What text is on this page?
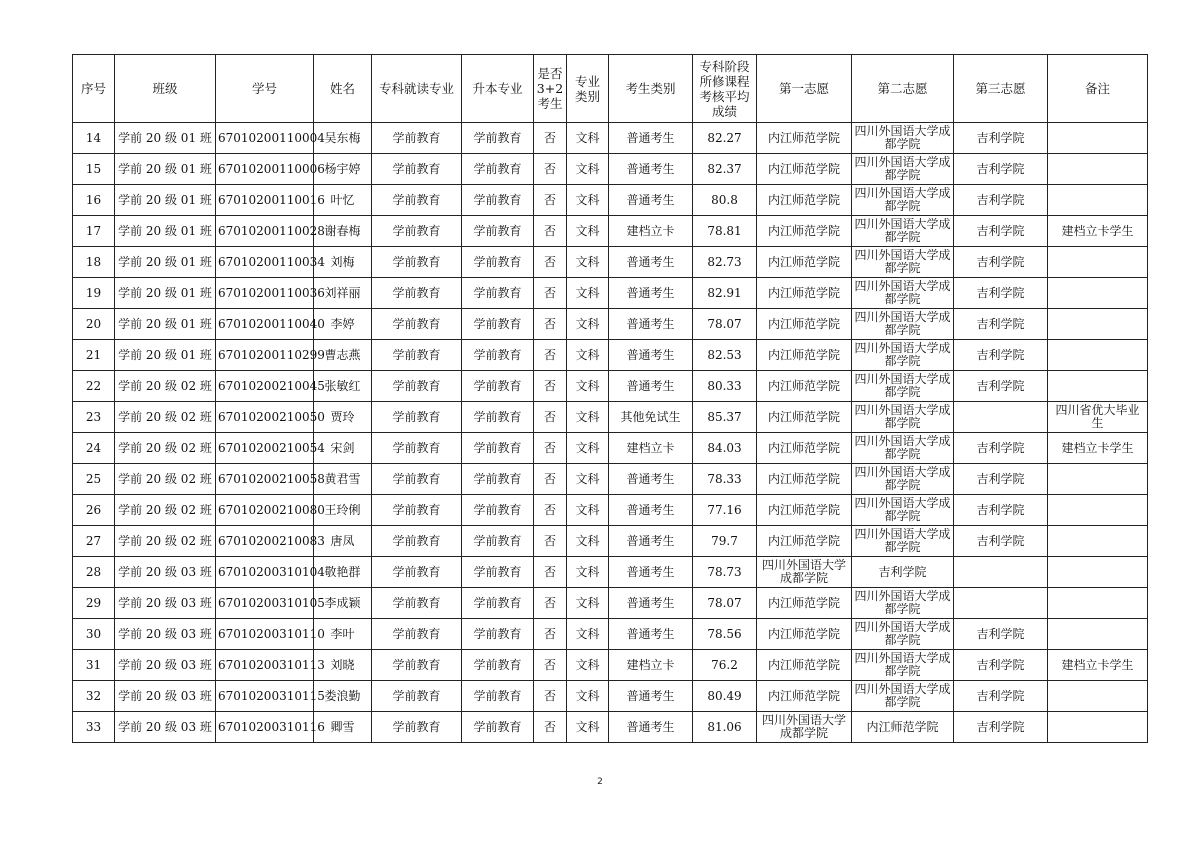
序号	班级	学号	姓名	专科就读专业	升本专业	是否3+2考生	专业类别	考生类别	专科阶段所修课程考核平均成绩	第一志愿	第二志愿	第三志愿	备注
14	学前 20 级 01 班	67010200110004	吴东梅	学前教育	学前教育	否	文科	普通考生	82.27	内江师范学院	四川外国语大学成都学院	吉利学院	
15	学前 20 级 01 班	67010200110006	杨宇婷	学前教育	学前教育	否	文科	普通考生	82.37	内江师范学院	四川外国语大学成都学院	吉利学院	
16	学前 20 级 01 班	67010200110016	叶忆	学前教育	学前教育	否	文科	普通考生	80.8	内江师范学院	四川外国语大学成都学院	吉利学院	
17	学前 20 级 01 班	67010200110028	谢春梅	学前教育	学前教育	否	文科	建档立卡	78.81	内江师范学院	四川外国语大学成都学院	吉利学院	建档立卡学生
18	学前 20 级 01 班	67010200110034	刘梅	学前教育	学前教育	否	文科	普通考生	82.73	内江师范学院	四川外国语大学成都学院	吉利学院	
19	学前 20 级 01 班	67010200110036	刘祥丽	学前教育	学前教育	否	文科	普通考生	82.91	内江师范学院	四川外国语大学成都学院	吉利学院	
20	学前 20 级 01 班	67010200110040	李婷	学前教育	学前教育	否	文科	普通考生	78.07	内江师范学院	四川外国语大学成都学院	吉利学院	
21	学前 20 级 01 班	67010200110299	曹志燕	学前教育	学前教育	否	文科	普通考生	82.53	内江师范学院	四川外国语大学成都学院	吉利学院	
22	学前 20 级 02 班	67010200210045	张敏红	学前教育	学前教育	否	文科	普通考生	80.33	内江师范学院	四川外国语大学成都学院	吉利学院	
23	学前 20 级 02 班	67010200210050	贾玲	学前教育	学前教育	否	文科	其他免试生	85.37	内江师范学院	四川外国语大学成都学院		四川省优大毕业生
24	学前 20 级 02 班	67010200210054	宋剑	学前教育	学前教育	否	文科	建档立卡	84.03	内江师范学院	四川外国语大学成都学院	吉利学院	建档立卡学生
25	学前 20 级 02 班	67010200210058	黄君雪	学前教育	学前教育	否	文科	普通考生	78.33	内江师范学院	四川外国语大学成都学院	吉利学院	
26	学前 20 级 02 班	67010200210080	王玲俐	学前教育	学前教育	否	文科	普通考生	77.16	内江师范学院	四川外国语大学成都学院	吉利学院	
27	学前 20 级 02 班	67010200210083	唐凤	学前教育	学前教育	否	文科	普通考生	79.7	内江师范学院	四川外国语大学成都学院	吉利学院	
28	学前 20 级 03 班	67010200310104	敬艳群	学前教育	学前教育	否	文科	普通考生	78.73	四川外国语大学成都学院	吉利学院		
29	学前 20 级 03 班	67010200310105	李成颖	学前教育	学前教育	否	文科	普通考生	78.07	内江师范学院	四川外国语大学成都学院		
30	学前 20 级 03 班	67010200310110	李叶	学前教育	学前教育	否	文科	普通考生	78.56	内江师范学院	四川外国语大学成都学院	吉利学院	
31	学前 20 级 03 班	67010200310113	刘晓	学前教育	学前教育	否	文科	建档立卡	76.2	内江师范学院	四川外国语大学成都学院	吉利学院	建档立卡学生
32	学前 20 级 03 班	67010200310115	娄浪勤	学前教育	学前教育	否	文科	普通考生	80.49	内江师范学院	四川外国语大学成都学院	吉利学院	
33	学前 20 级 03 班	67010200310116	卿雪	学前教育	学前教育	否	文科	普通考生	81.06	四川外国语大学成都学院	内江师范学院	吉利学院	
2
